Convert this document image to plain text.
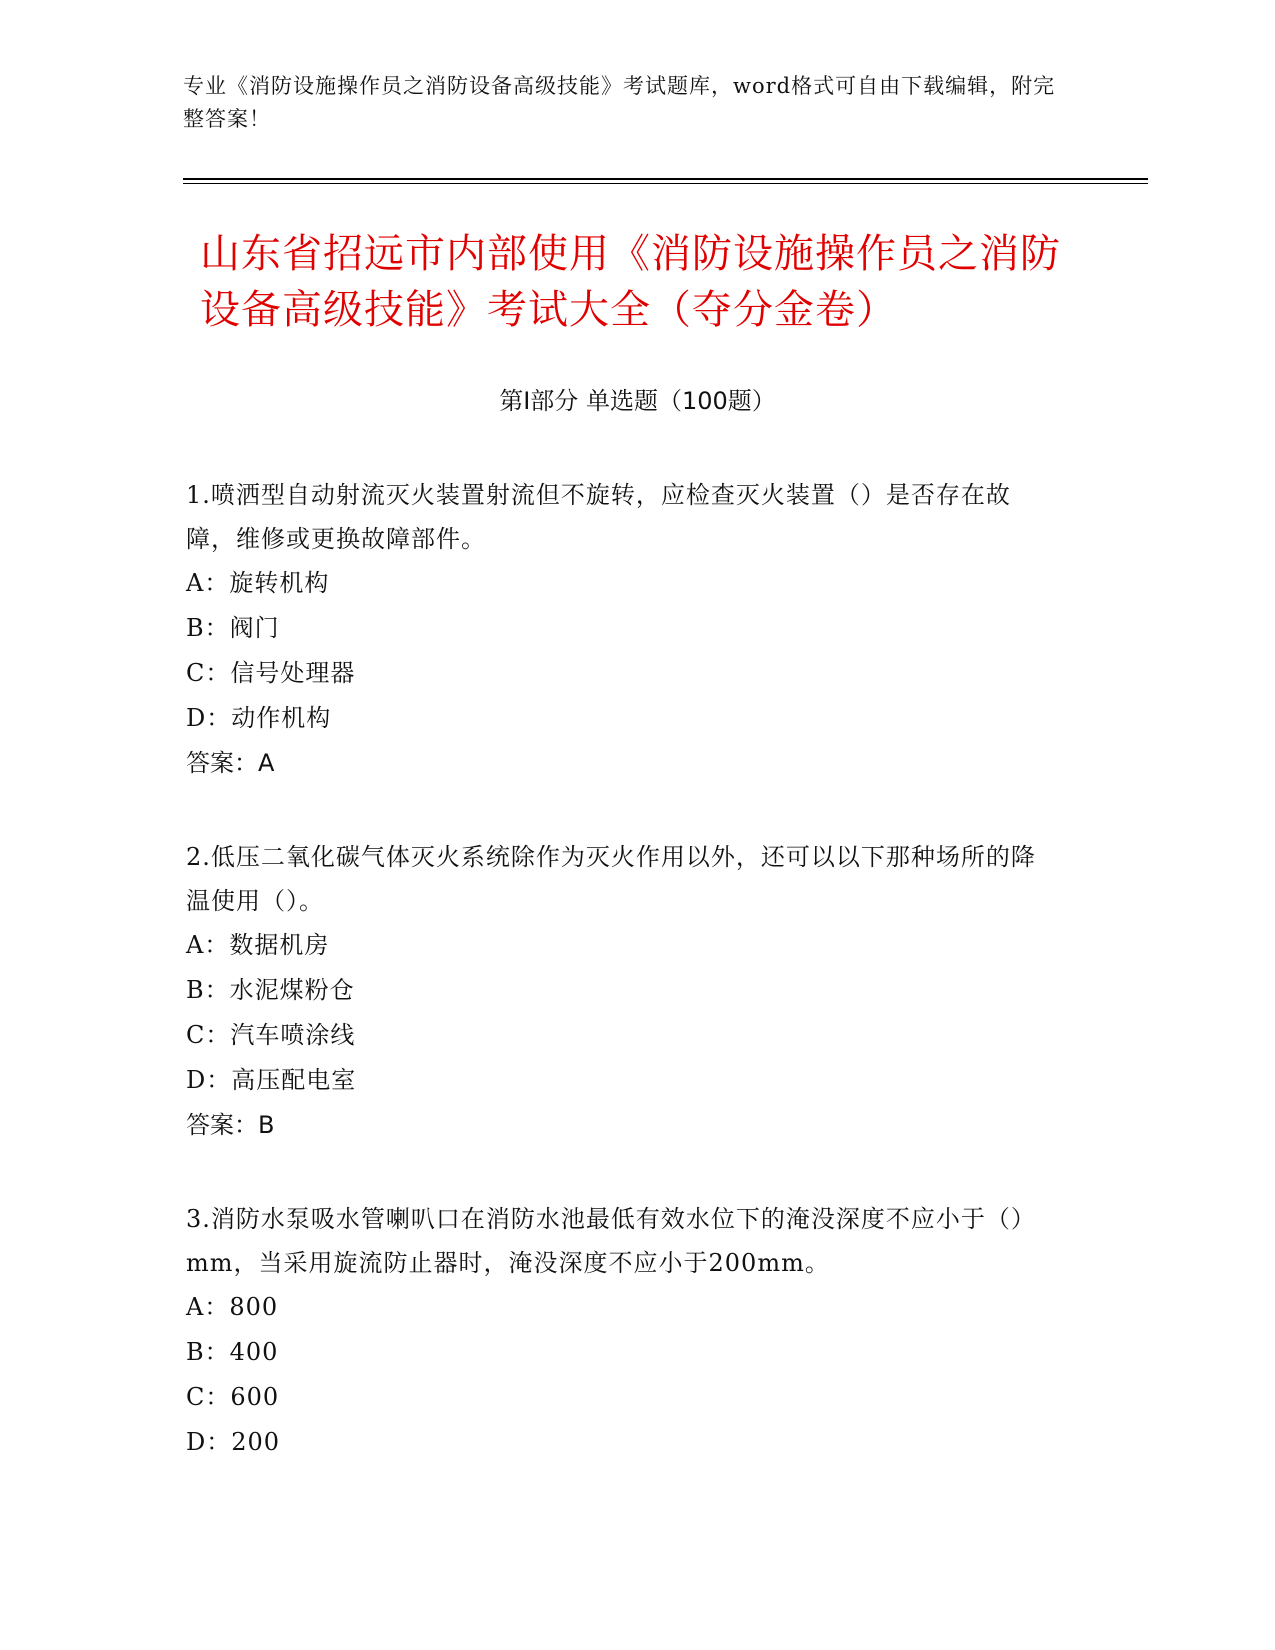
专业《消防设施操作员之消防设备高级技能》考试题库，word格式可自由下载编辑，附完整答案！
山东省招远市内部使用《消防设施操作员之消防设备高级技能》考试大全（夺分金卷）
第Ⅰ部分 单选题（100题）
1.喷洒型自动射流灭火装置射流但不旋转，应检查灭火装置（）是否存在故障，维修或更换故障部件。
A：旋转机构
B：阀门
C：信号处理器
D：动作机构
答案：A
2.低压二氧化碳气体灭火系统除作为灭火作用以外，还可以以下那种场所的降温使用（）。
A：数据机房
B：水泥煤粉仓
C：汽车喷涂线
D：高压配电室
答案：B
3.消防水泵吸水管喇叭口在消防水池最低有效水位下的淹没深度不应小于（）mm，当采用旋流防止器时，淹没深度不应小于200mm。
A：800
B：400
C：600
D：200
